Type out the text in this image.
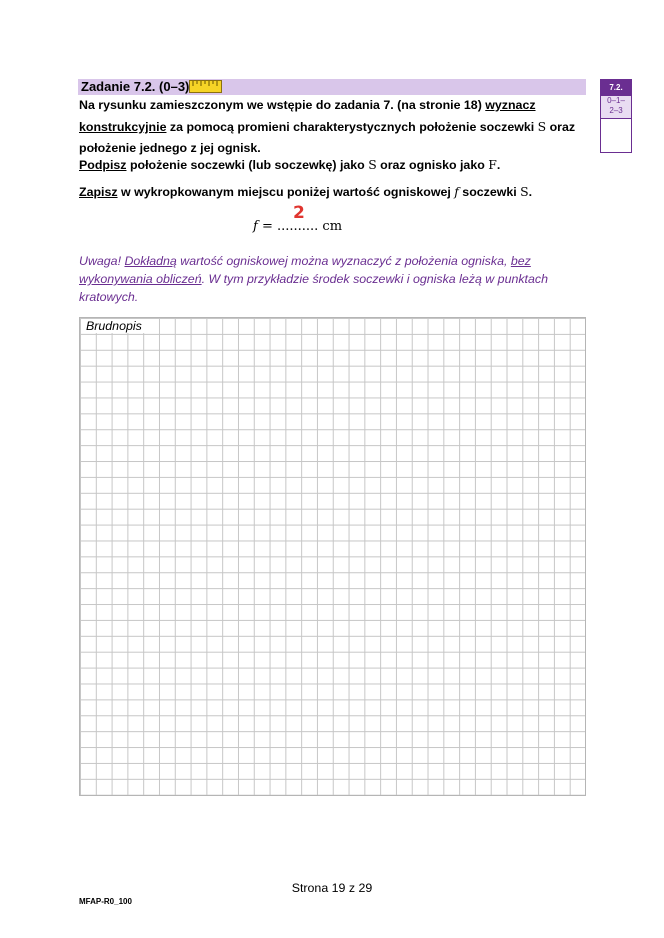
Zadanie 7.2. (0–3)	7.2.
0–1–
2–3
Na rysunku zamieszczonym we wstępie do zadania 7. (na stronie 18) wyznacz konstrukcyjnie za pomocą promieni charakterystycznych położenie soczewki S oraz położenie jednego z jej ognisk.
Podpisz położenie soczewki (lub soczewkę) jako S oraz ognisko jako F.
Zapisz w wykropkowanym miejscu poniżej wartość ogniskowej 𝑓 soczewki S.
𝑓 = .......... cm
2
Uwaga! Dokładną wartość ogniskowej można wyznaczyć z położenia ogniska, bez wykonywania obliczeń. W tym przykładzie środek soczewki i ogniska leżą w punktach kratowych.
Brudnopis
Strona 19 z 29
MFAP-R0_100
